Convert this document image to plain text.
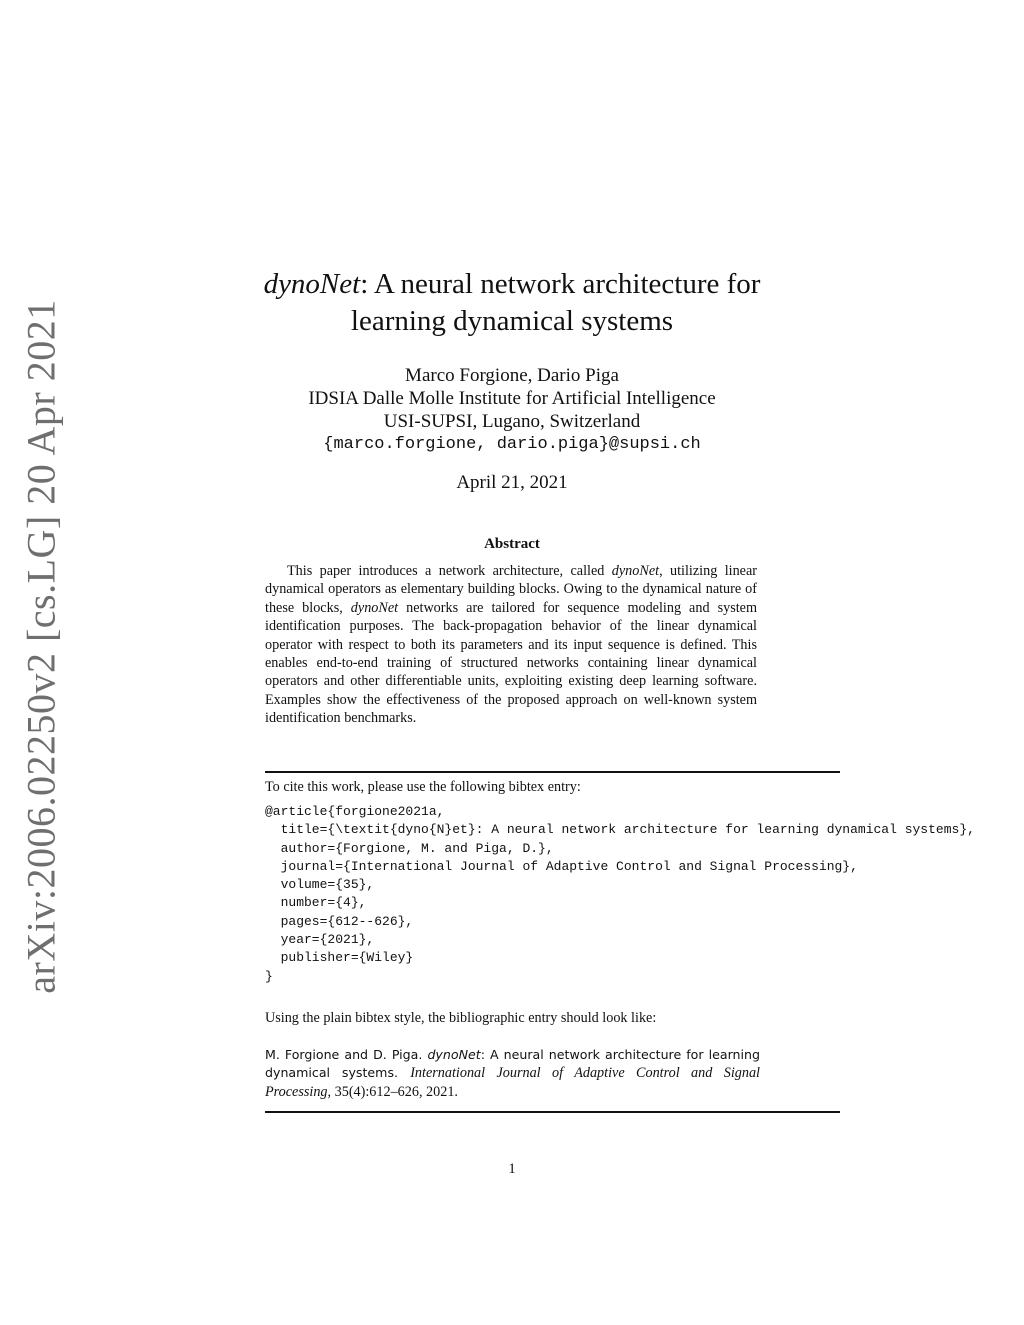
arXiv:2006.02250v2 [cs.LG] 20 Apr 2021
dynoNet: A neural network architecture for
learning dynamical systems
Marco Forgione, Dario Piga
IDSIA Dalle Molle Institute for Artificial Intelligence
USI-SUPSI, Lugano, Switzerland
{marco.forgione, dario.piga}@supsi.ch
April 21, 2021
Abstract

This paper introduces a network architecture, called dynoNet, utilizing linear dynamical operators as elementary building blocks. Owing to the dynamical nature of these blocks, dynoNet networks are tailored for sequence modeling and system identification purposes. The back-propagation behavior of the linear dynamical operator with respect to both its parameters and its input sequence is defined. This enables end-to-end training of structured networks containing linear dynamical operators and other differentiable units, exploiting existing deep learning software. Examples show the effectiveness of the proposed approach on well-known system identification benchmarks.

To cite this work, please use the following bibtex entry:
@article{forgione2021a,
title={\textit{dyno{N}et}: A neural network architecture for learning dynamical systems},
author={Forgione, M. and Piga, D.},
journal={International Journal of Adaptive Control and Signal Processing},
volume={35},
number={4},
pages={612--626},
year={2021},
publisher={Wiley}
}
Using the plain bibtex style, the bibliographic entry should look like:

M. Forgione and D. Piga. dynoNet: A neural network architecture for learning dynamical systems. International Journal of Adaptive Control and Signal Processing, 35(4):612–626, 2021.

1
